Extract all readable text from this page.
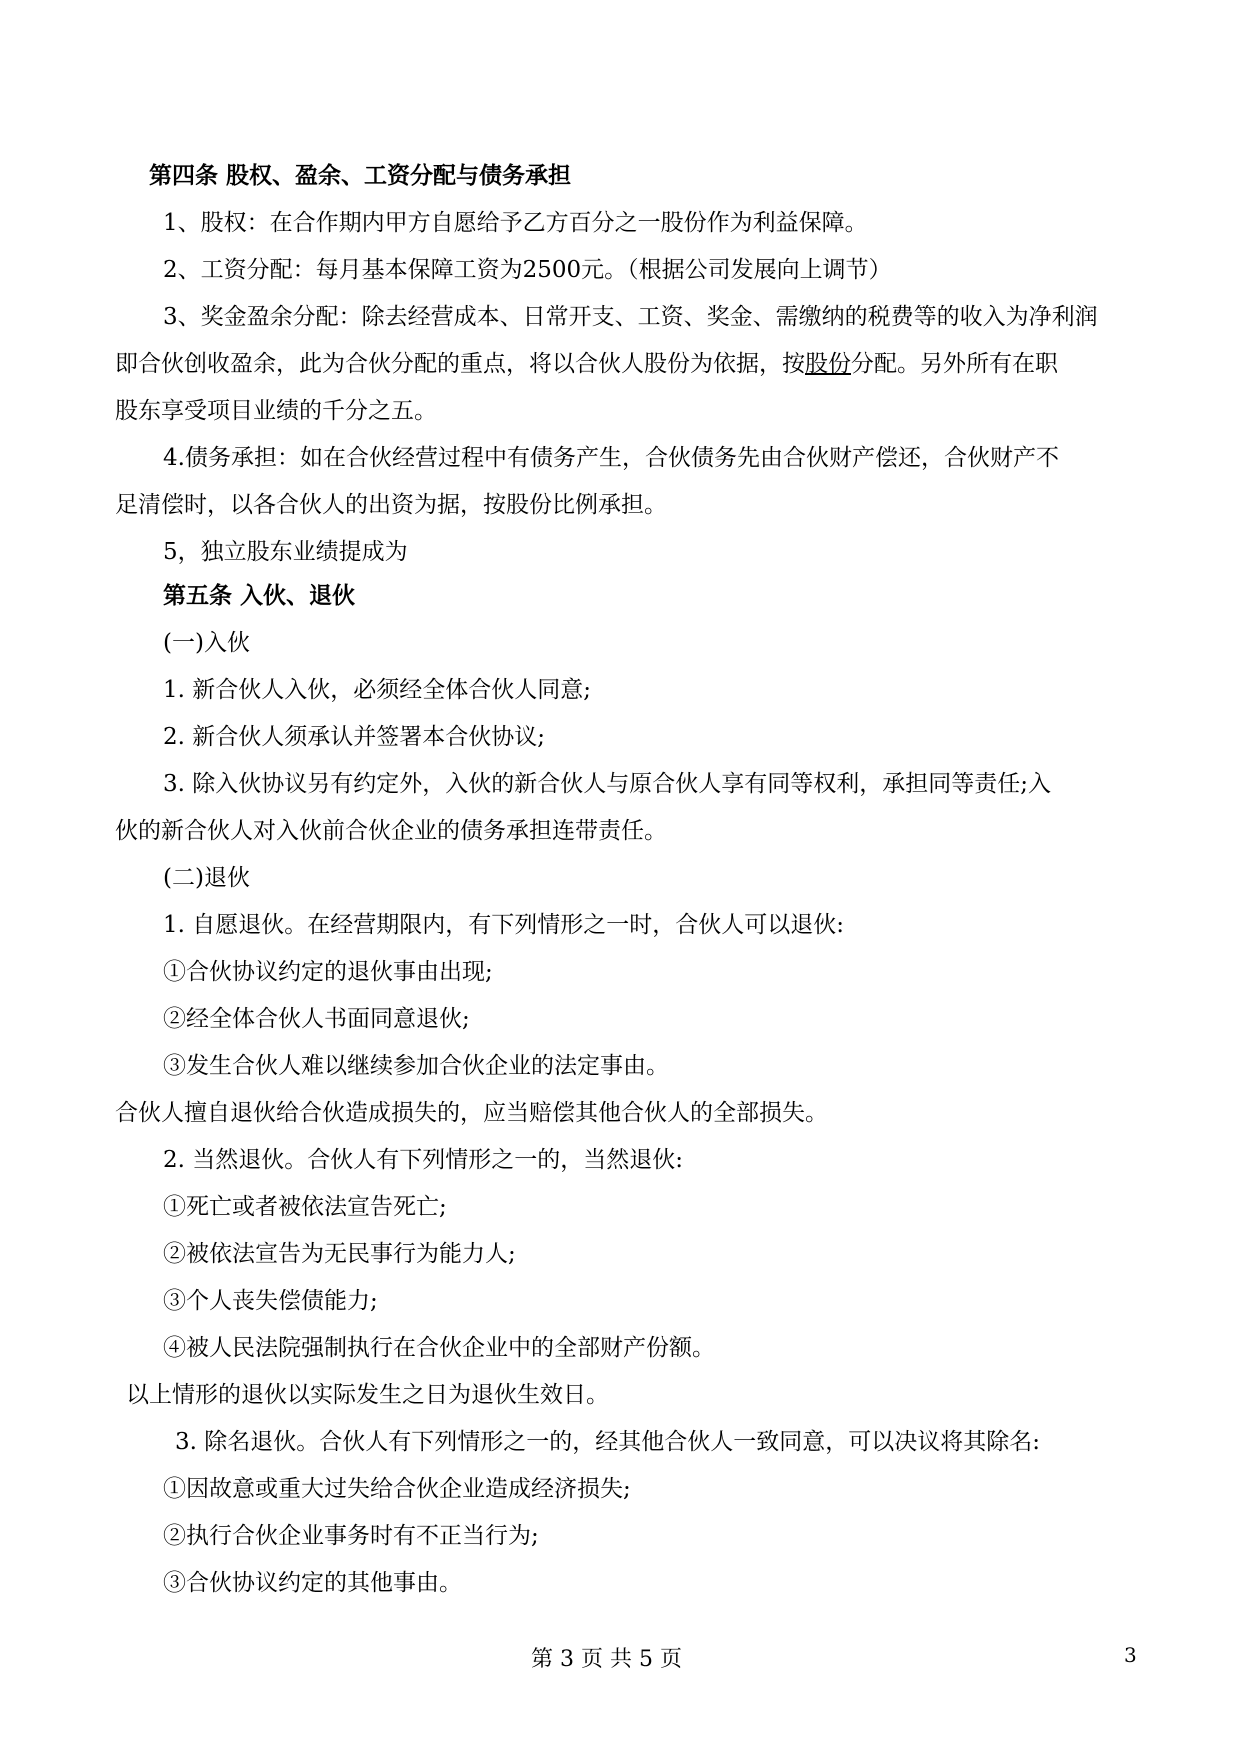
第四条 股权、盈余、工资分配与债务承担
1、股权：在合作期内甲方自愿给予乙方百分之一股份作为利益保障。
2、工资分配：每月基本保障工资为2500元。（根据公司发展向上调节）
3、奖金盈余分配：除去经营成本、日常开支、工资、奖金、需缴纳的税费等的收入为净利润
即合伙创收盈余，此为合伙分配的重点，将以合伙人股份为依据，按股份分配。另外所有在职
股东享受项目业绩的千分之五。
4.债务承担：如在合伙经营过程中有债务产生，合伙债务先由合伙财产偿还，合伙财产不
足清偿时，以各合伙人的出资为据，按股份比例承担。
5，独立股东业绩提成为
第五条 入伙、退伙
(一)入伙
1. 新合伙人入伙，必须经全体合伙人同意;
2. 新合伙人须承认并签署本合伙协议;
3. 除入伙协议另有约定外，入伙的新合伙人与原合伙人享有同等权利，承担同等责任;入
伙的新合伙人对入伙前合伙企业的债务承担连带责任。
(二)退伙
1. 自愿退伙。在经营期限内，有下列情形之一时，合伙人可以退伙:
①合伙协议约定的退伙事由出现;
②经全体合伙人书面同意退伙;
③发生合伙人难以继续参加合伙企业的法定事由。
合伙人擅自退伙给合伙造成损失的，应当赔偿其他合伙人的全部损失。
2. 当然退伙。合伙人有下列情形之一的，当然退伙:
①死亡或者被依法宣告死亡;
②被依法宣告为无民事行为能力人;
③个人丧失偿债能力;
④被人民法院强制执行在合伙企业中的全部财产份额。
以上情形的退伙以实际发生之日为退伙生效日。
3. 除名退伙。合伙人有下列情形之一的，经其他合伙人一致同意，可以决议将其除名:
①因故意或重大过失给合伙企业造成经济损失;
②执行合伙企业事务时有不正当行为;
③合伙协议约定的其他事由。
第 3 页 共 5 页	3
